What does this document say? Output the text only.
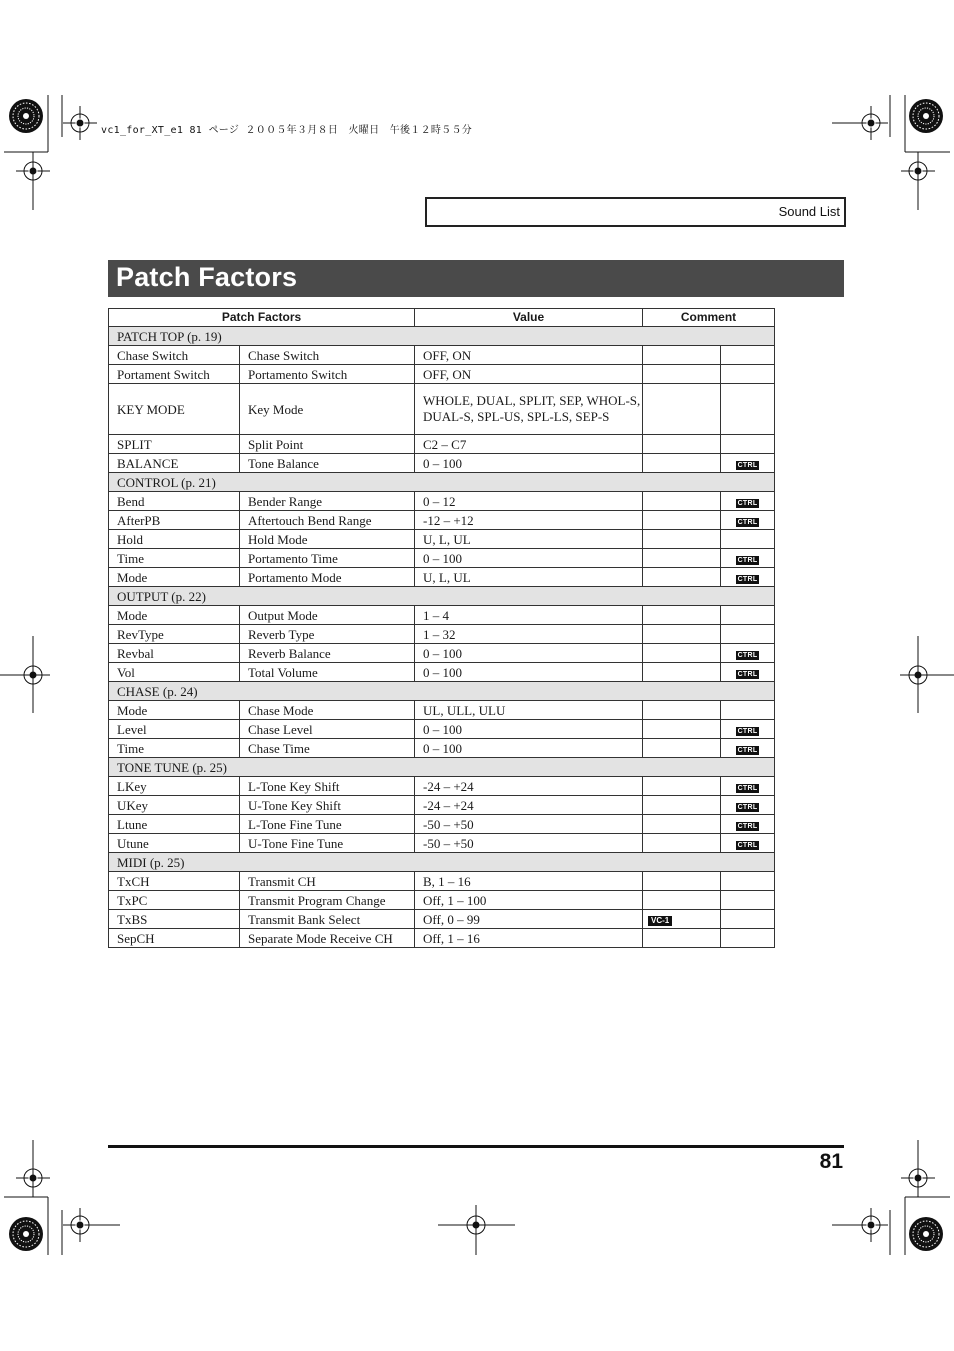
vc1_for_XT_e1 81 ページ ２００５年３月８日　火曜日　午後１２時５５分
Sound List
Patch Factors
Patch Factors		Value	Comment	
PATCH TOP (p. 19)				
Chase Switch	Chase Switch	OFF, ON		
Portament Switch	Portamento Switch	OFF, ON		
KEY MODE	Key Mode	WHOLE, DUAL, SPLIT, SEP, WHOL-S, DUAL-S, SPL-US, SPL-LS, SEP-S		
SPLIT	Split Point	C2 – C7		
BALANCE	Tone Balance	0 – 100		CTRL
CONTROL (p. 21)				
Bend	Bender Range	0 – 12		CTRL
AfterPB	Aftertouch Bend Range	-12 – +12		CTRL
Hold	Hold Mode	U, L, UL		
Time	Portamento Time	0 – 100		CTRL
Mode	Portamento Mode	U, L, UL		CTRL
OUTPUT (p. 22)				
Mode	Output Mode	1 – 4		
RevType	Reverb Type	1 – 32		
Revbal	Reverb Balance	0 – 100		CTRL
Vol	Total Volume	0 – 100		CTRL
CHASE (p. 24)				
Mode	Chase Mode	UL, ULL, ULU		
Level	Chase Level	0 – 100		CTRL
Time	Chase Time	0 – 100		CTRL
TONE TUNE (p. 25)				
LKey	L-Tone Key Shift	-24 – +24		CTRL
UKey	U-Tone Key Shift	-24 – +24		CTRL
Ltune	L-Tone Fine Tune	-50 – +50		CTRL
Utune	U-Tone Fine Tune	-50 – +50		CTRL
MIDI (p. 25)				
TxCH	Transmit CH	B, 1 – 16		
TxPC	Transmit Program Change	Off, 1 – 100		
TxBS	Transmit Bank Select	Off, 0 – 99	VC-1	
SepCH	Separate Mode Receive CH	Off, 1 – 16		
81
